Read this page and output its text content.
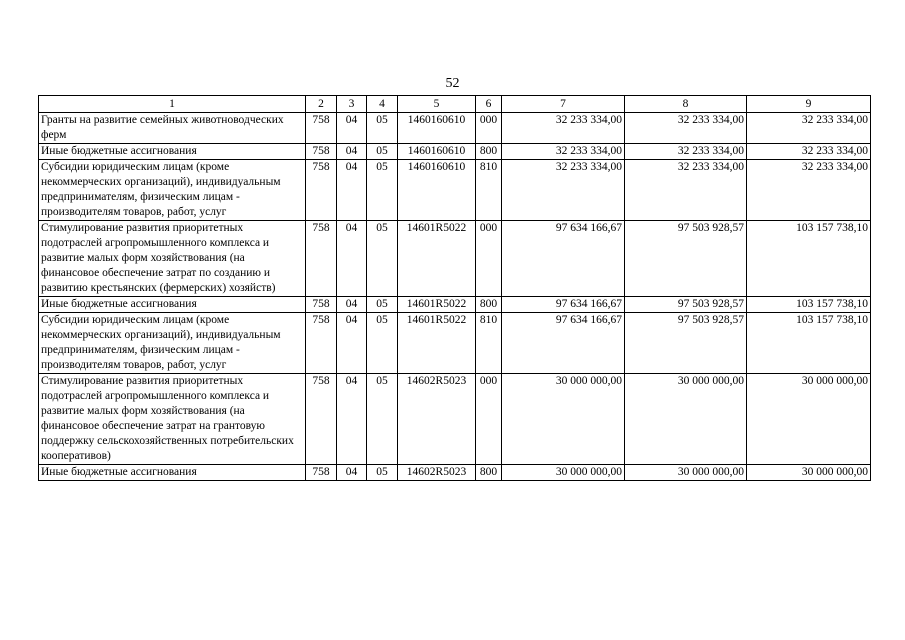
52
1	2	3	4	5	6	7	8	9
Гранты на развитие семейных животноводческих ферм	758	04	05	1460160610	000	32 233 334,00	32 233 334,00	32 233 334,00
Иные бюджетные ассигнования	758	04	05	1460160610	800	32 233 334,00	32 233 334,00	32 233 334,00
Субсидии юридическим лицам (кроме некоммерческих организаций), индивидуальным предпринимателям, физическим лицам - производителям товаров, работ, услуг	758	04	05	1460160610	810	32 233 334,00	32 233 334,00	32 233 334,00
Стимулирование развития приоритетных подотраслей агропромышленного комплекса и развитие малых форм хозяйствования (на финансовое обеспечение затрат по созданию и развитию крестьянских (фермерских) хозяйств)	758	04	05	14601R5022	000	97 634 166,67	97 503 928,57	103 157 738,10
Иные бюджетные ассигнования	758	04	05	14601R5022	800	97 634 166,67	97 503 928,57	103 157 738,10
Субсидии юридическим лицам (кроме некоммерческих организаций), индивидуальным предпринимателям, физическим лицам - производителям товаров, работ, услуг	758	04	05	14601R5022	810	97 634 166,67	97 503 928,57	103 157 738,10
Стимулирование развития приоритетных подотраслей агропромышленного комплекса и развитие малых форм хозяйствования (на финансовое обеспечение затрат на грантовую поддержку сельскохозяйственных потребительских кооперативов)	758	04	05	14602R5023	000	30 000 000,00	30 000 000,00	30 000 000,00
Иные бюджетные ассигнования	758	04	05	14602R5023	800	30 000 000,00	30 000 000,00	30 000 000,00
